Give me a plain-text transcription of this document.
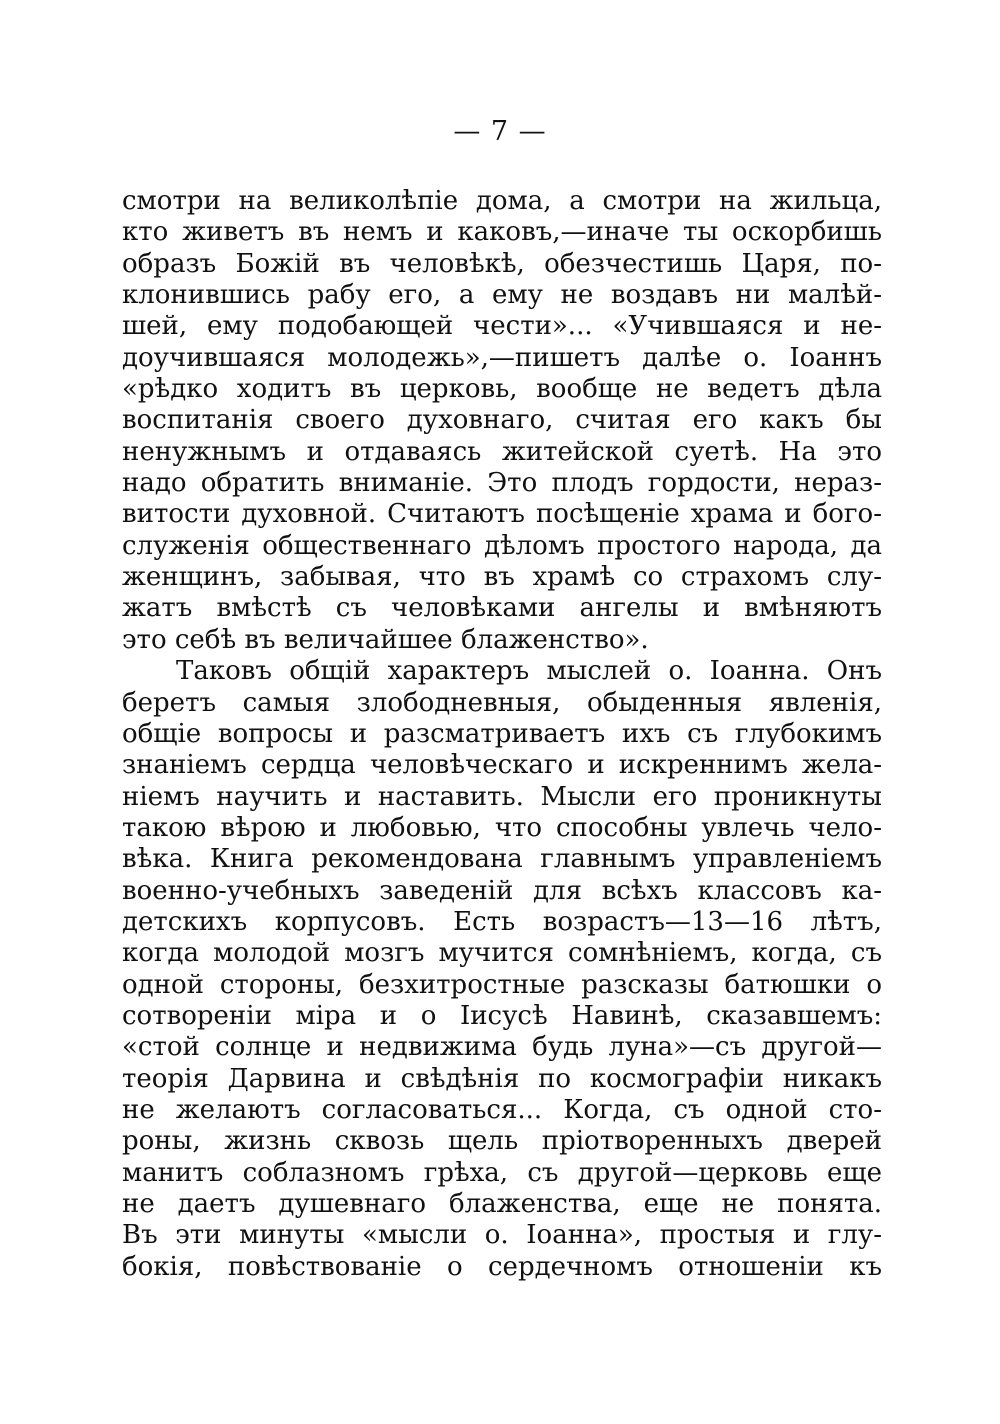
— 7 —
смотри на великолѣпіе дома, а смотри на жильца,
кто живетъ въ немъ и каковъ,—иначе ты оскорбишь
образъ Божій въ человѣкѣ, обезчестишь Царя, по-
клонившись рабу его, а ему не воздавъ ни малѣй-
шей, ему подобающей чести»... «Учившаяся и не-
доучившаяся молодежь»,—пишетъ далѣе о. Іоаннъ
«рѣдко ходитъ въ церковь, вообще не ведетъ дѣла
воспитанія своего духовнаго, считая его какъ бы
ненужнымъ и отдаваясь житейской суетѣ. На это
надо обратить вниманіе. Это плодъ гордости, нераз-
витости духовной. Считаютъ посѣщеніе храма и бого-
служенія общественнаго дѣломъ простого народа, да
женщинъ, забывая, что въ храмѣ со страхомъ слу-
жатъ вмѣстѣ съ человѣками ангелы и вмѣняютъ
это себѣ въ величайшее блаженство».
Таковъ общій характеръ мыслей о. Іоанна. Онъ
беретъ самыя злободневныя, обыденныя явленія,
общіе вопросы и разсматриваетъ ихъ съ глубокимъ
знаніемъ сердца человѣческаго и искреннимъ жела-
ніемъ научить и наставить. Мысли его проникнуты
такою вѣрою и любовью, что способны увлечь чело-
вѣка. Книга рекомендована главнымъ управленіемъ
военно-учебныхъ заведеній для всѣхъ классовъ ка-
детскихъ корпусовъ. Есть возрастъ—13—16 лѣтъ,
когда молодой мозгъ мучится сомнѣніемъ, когда, съ
одной стороны, безхитростные разсказы батюшки о
сотвореніи міра и о Іисусѣ Навинѣ, сказавшемъ:
«стой солнце и недвижима будь луна»—съ другой—
теорія Дарвина и свѣдѣнія по космографіи никакъ
не желаютъ согласоваться... Когда, съ одной сто-
роны, жизнь сквозь щель пріотворенныхъ дверей
манитъ соблазномъ грѣха, съ другой—церковь еще
не даетъ душевнаго блаженства, еще не понята.
Въ эти минуты «мысли о. Іоанна», простыя и глу-
бокія, повѣствованіе о сердечномъ отношеніи къ
